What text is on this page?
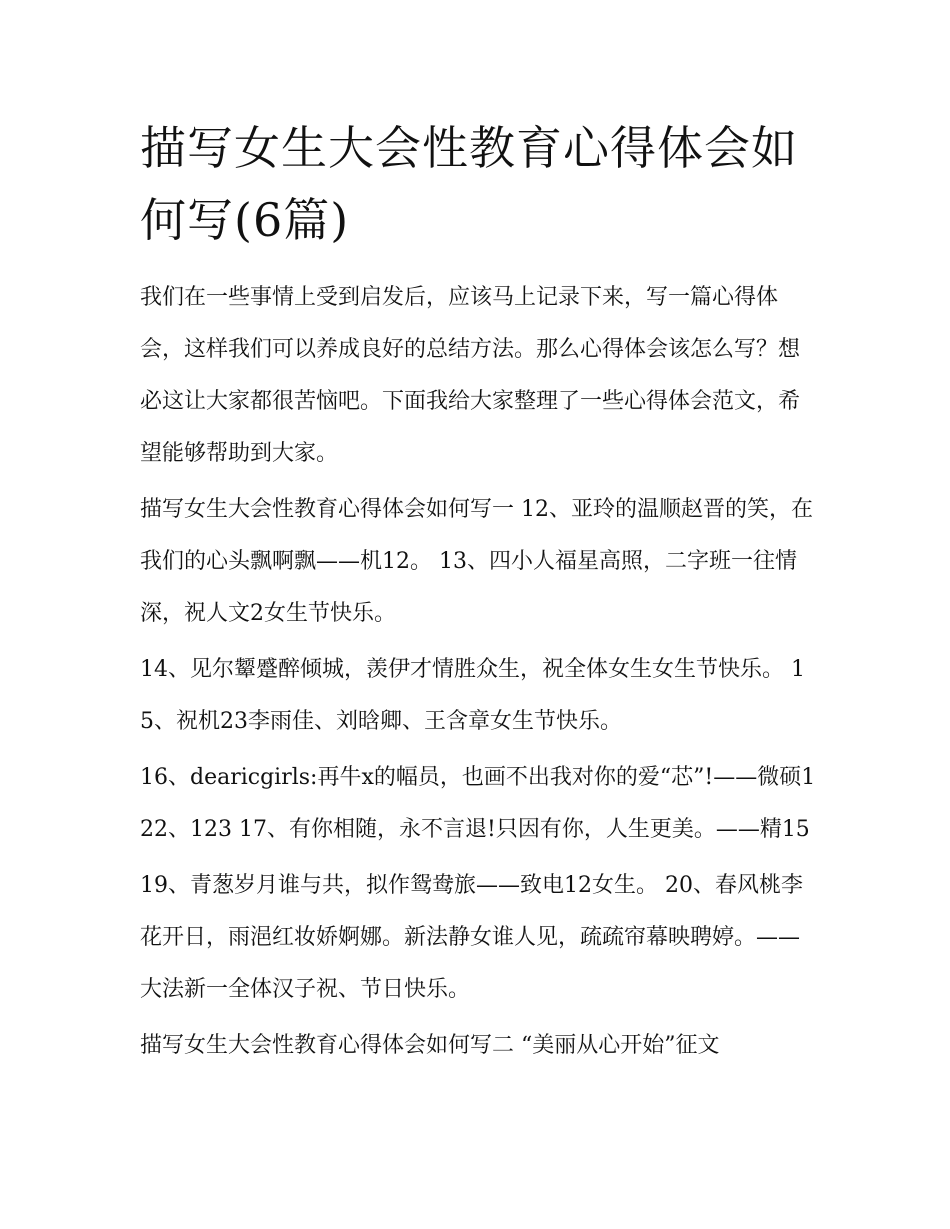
描写女生大会性教育心得体会如何写(6篇)

我们在一些事情上受到启发后，应该马上记录下来，写一篇心得体会，这样我们可以养成良好的总结方法。那么心得体会该怎么写？想必这让大家都很苦恼吧。下面我给大家整理了一些心得体会范文，希望能够帮助到大家。

描写女生大会性教育心得体会如何写一 12、亚玲的温顺赵晋的笑，在我们的心头飘啊飘——机12。 13、四小人福星高照，二字班一往情深，祝人文2女生节快乐。

14、见尔颦蹙醉倾城，羡伊才情胜众生，祝全体女生女生节快乐。 15、祝机23李雨佳、刘晗卿、王含章女生节快乐。

16、dearicgirls:再牛x的幅员，也画不出我对你的爱“芯”!——微硕122、123 17、有你相随，永不言退!只因有你，人生更美。——精15

19、青葱岁月谁与共，拟作鸳鸯旅——致电12女生。 20、春风桃李花开日，雨浥红妆娇婀娜。新法静女谁人见，疏疏帘幕映聘婷。——大法新一全体汉子祝、节日快乐。

描写女生大会性教育心得体会如何写二 “美丽从心开始”征文
